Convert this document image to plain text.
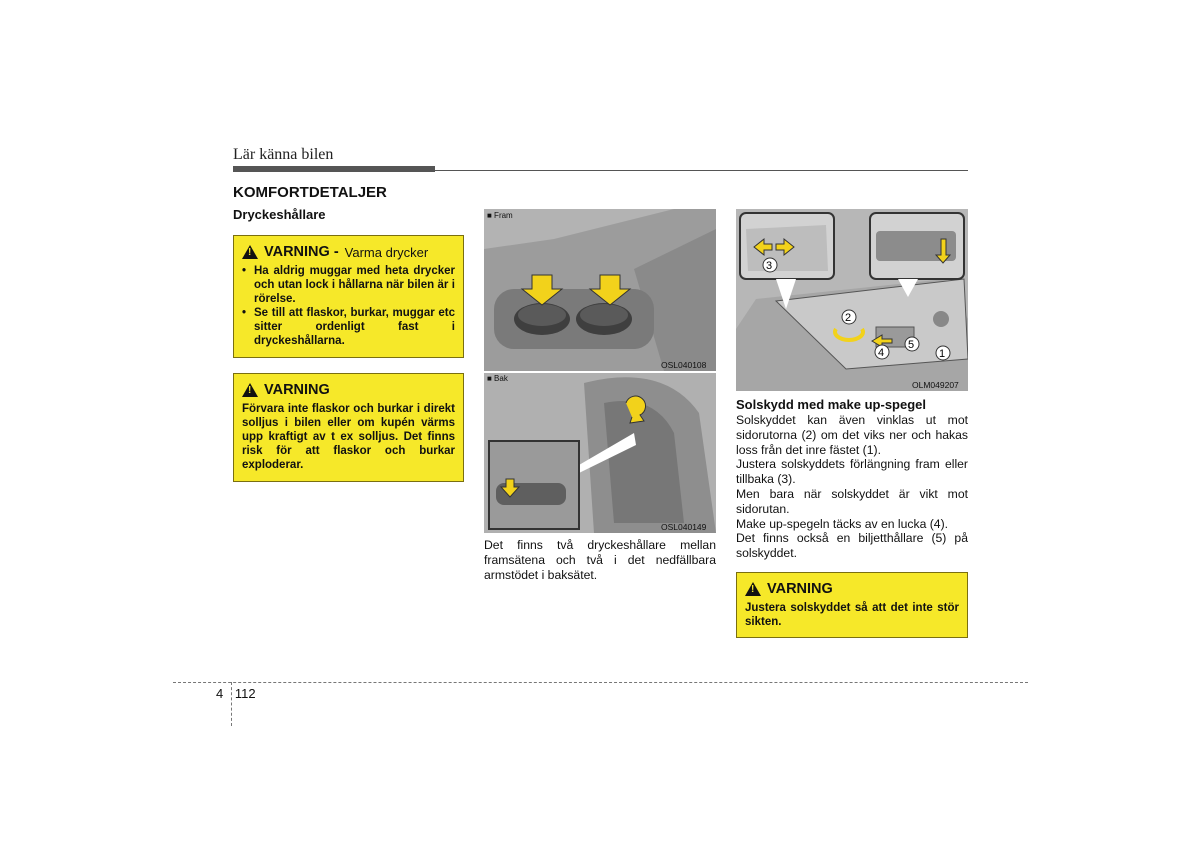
Lär känna bilen
KOMFORTDETALJER
Dryckeshållare
!
VARNING - Varma drycker
• Ha aldrig muggar med heta drycker och utan lock i hållarna när bilen är i rörelse.
• Se till att flaskor, burkar, muggar etc sitter ordenligt fast i dryckeshållarna.
!
VARNING

Förvara inte flaskor och burkar i direkt solljus i bilen eller om kupén värms upp kraftigt av t ex solljus. Det finns risk för att flaskor och burkar exploderar.

■ Fram
OSL040108
■ Bak
OSL040149
Det finns två dryckeshållare mellan framsätena och två i det nedfällbara armstödet i baksätet.
1
2
3
4
5
OLM049207
Solskydd med make up-spegel
Solskyddet kan även vinklas ut mot sidorutorna (2) om det viks ner och hakas loss från det inre fästet (1).
Justera solskyddets förlängning fram eller tillbaka (3).
Men bara när solskyddet är vikt mot sidorutan.
Make up-spegeln täcks av en lucka (4).
Det finns också en biljetthållare (5) på solskyddet.
!
VARNING

Justera solskyddet så att det inte stör sikten.

4 112
